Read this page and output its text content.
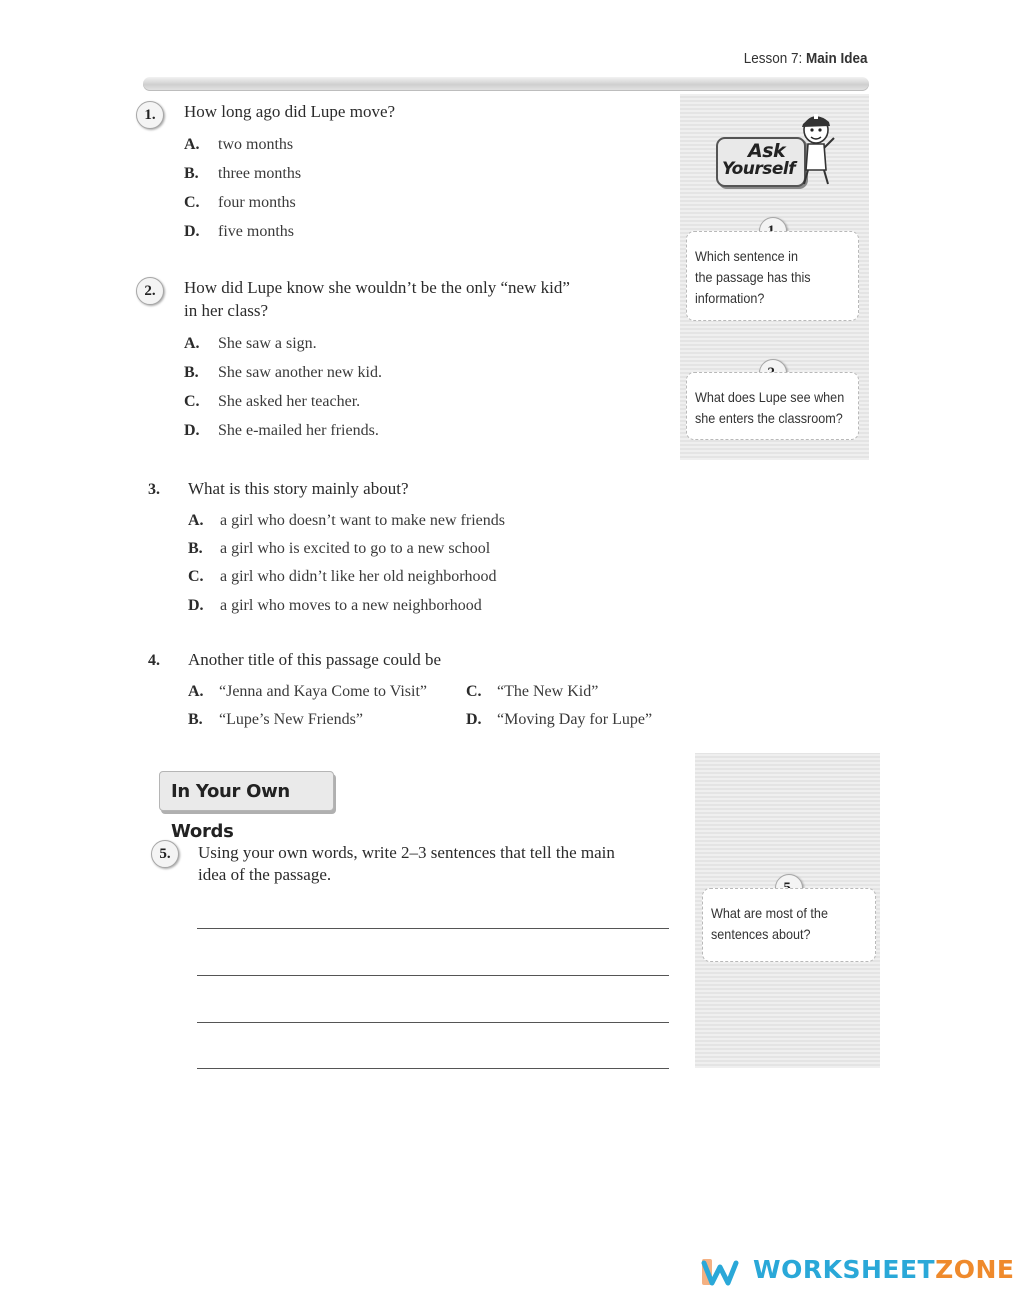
Lesson 7: Main Idea
Ask
Yourself
Which sentence in
the passage has this
information?
What does Lupe see when
she enters the classroom?
What are most of the
sentences about?
1.	How long ago did Lupe move?
A. two months
B. three months
C. four months
D. five months
2.	How did Lupe know she wouldn’t be the only “new kid”
in her class?
A. She saw a sign.
B. She saw another new kid.
C. She asked her teacher.
D. She e-mailed her friends.
3. What is this story mainly about?
A. a girl who doesn’t want to make new friends
B. a girl who is excited to go to a new school
C. a girl who didn’t like her old neighborhood
D. a girl who moves to a new neighborhood
4. Another title of this passage could be
A. “Jenna and Kaya Come to Visit”
B. “Lupe’s New Friends”
C. “The New Kid”
D. “Moving Day for Lupe”
In Your Own Words
5.	Using your own words, write 2–3 sentences that tell the main
idea of the passage.
WORKSHEETZONE
